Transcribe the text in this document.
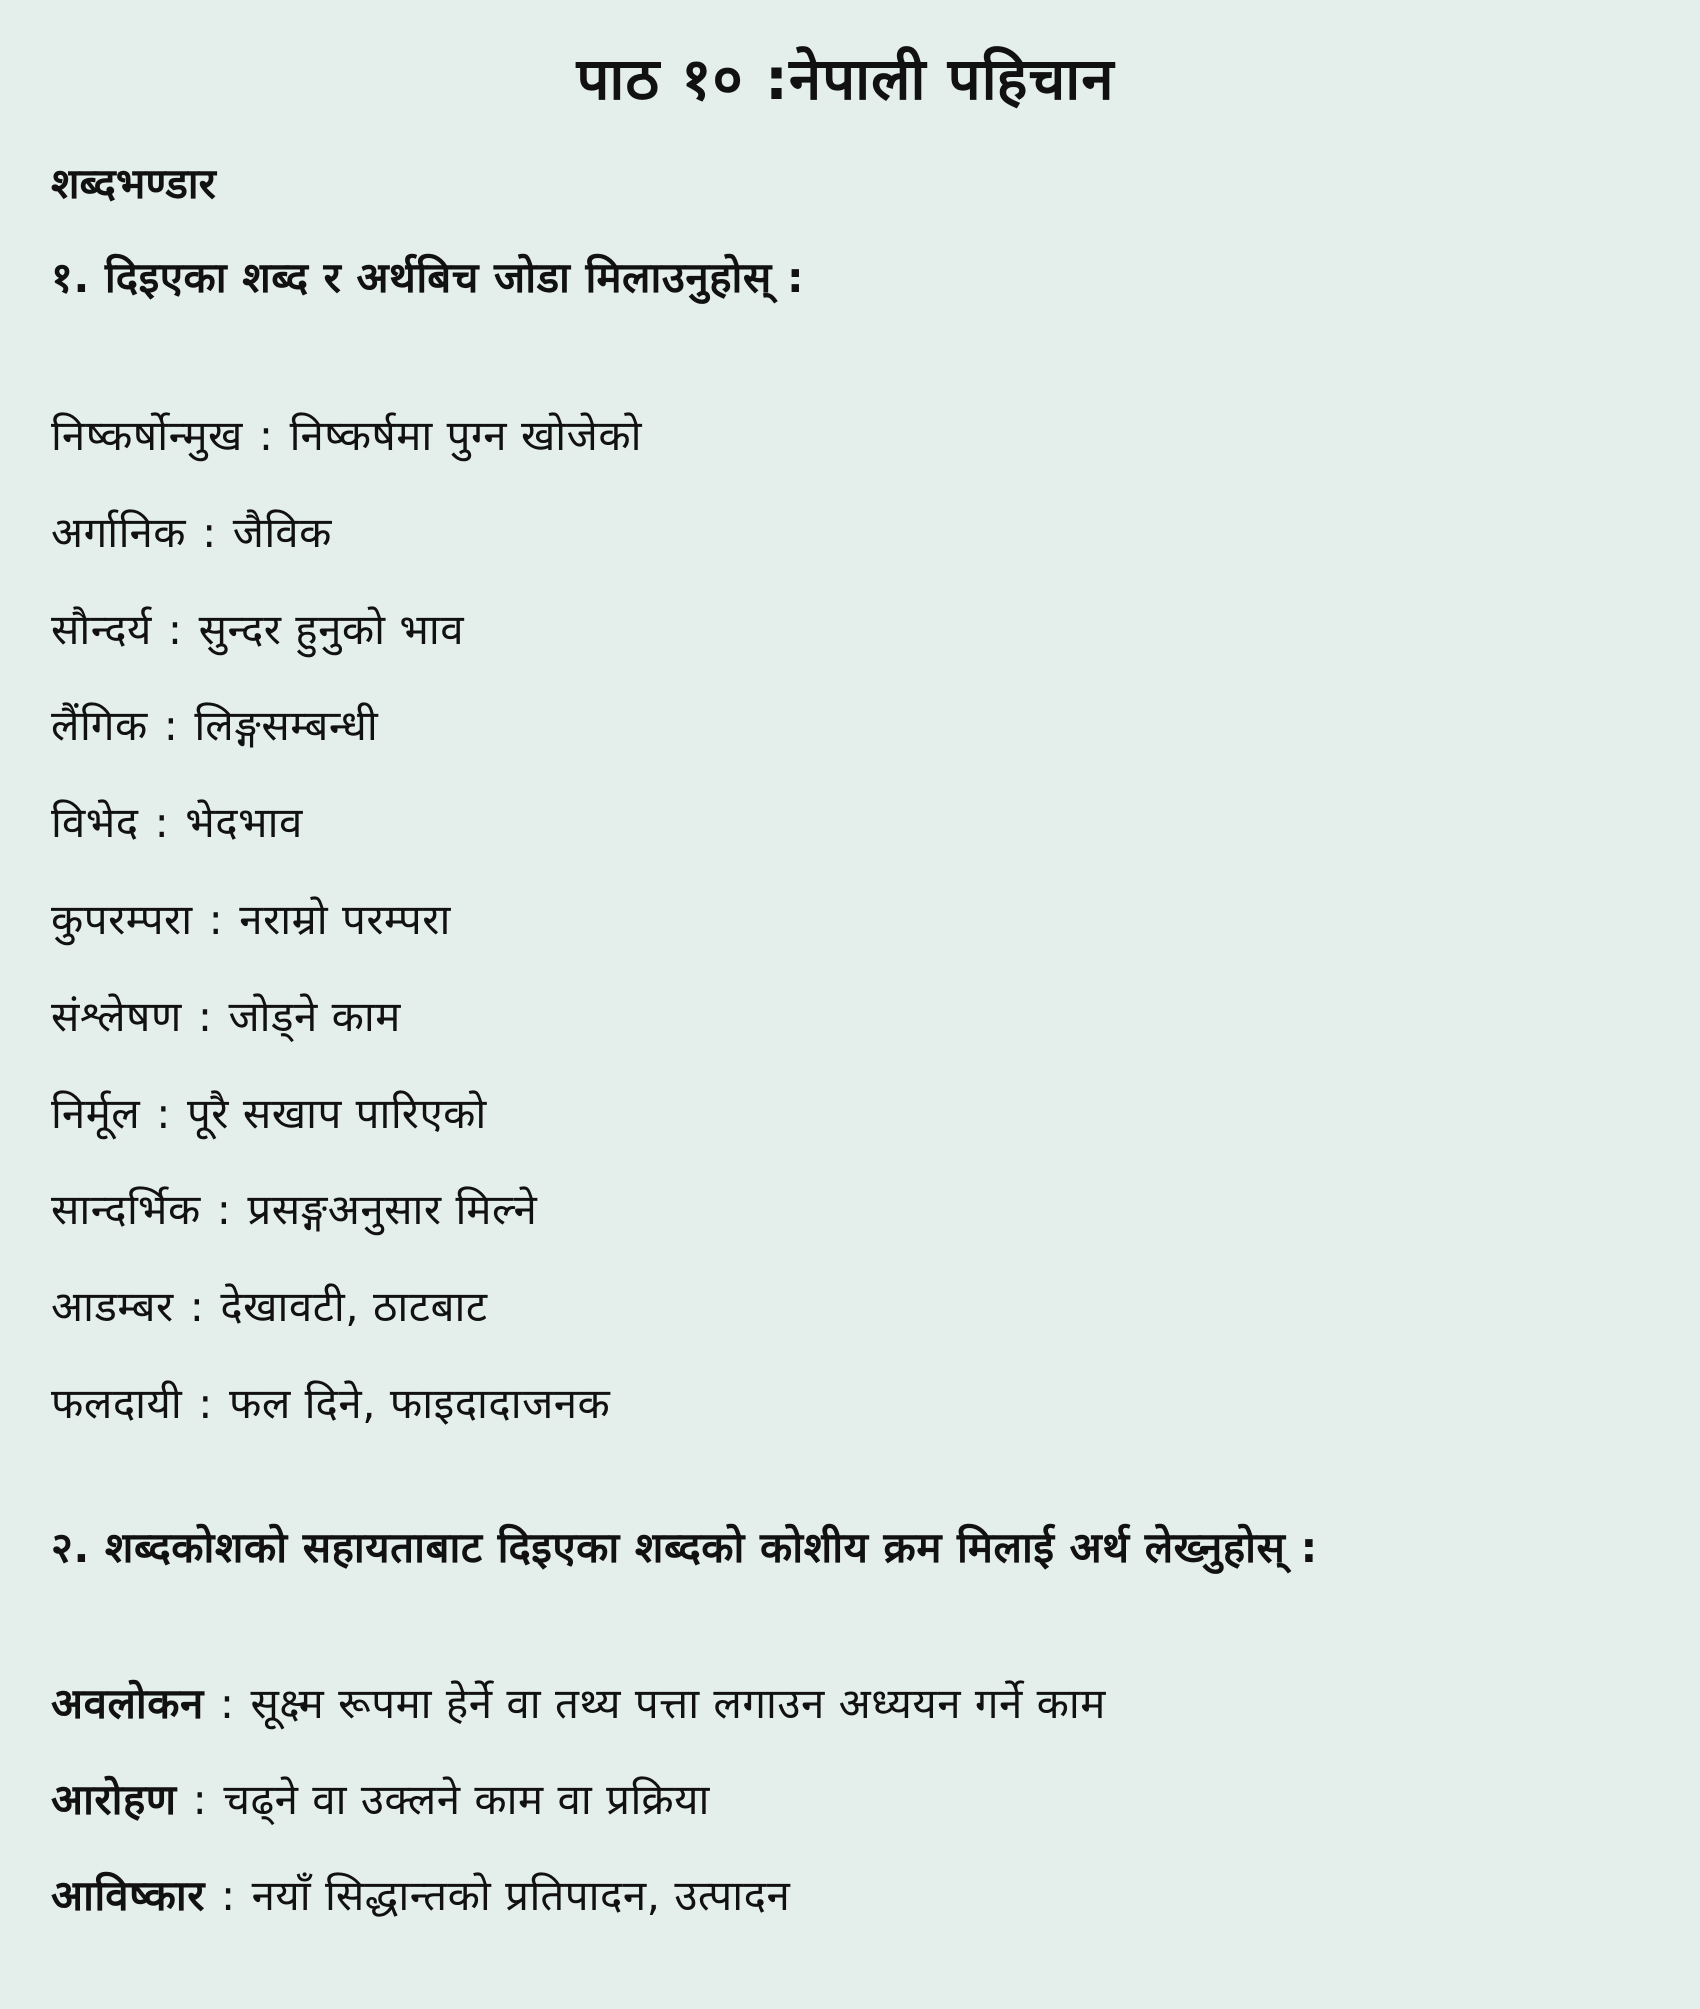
पाठ १० :नेपाली पहिचान
शब्दभण्डार
१. दिइएका शब्द र अर्थबिच जोडा मिलाउनुहोस् :
निष्कर्षोन्मुख : निष्कर्षमा पुग्न खोजेको
अर्गानिक : जैविक
सौन्दर्य : सुन्दर हुनुको भाव
लैंगिक : लिङ्गसम्बन्धी
विभेद : भेदभाव
कुपरम्परा : नराम्रो परम्परा
संश्लेषण : जोड्ने काम
निर्मूल : पूरै सखाप पारिएको
सान्दर्भिक : प्रसङ्गअनुसार मिल्ने
आडम्बर : देखावटी, ठाटबाट
फलदायी : फल दिने, फाइदादाजनक
२. शब्दकोशको सहायताबाट दिइएका शब्दको कोशीय क्रम मिलाई अर्थ लेख्नुहोस् :
अवलोकन : सूक्ष्म रूपमा हेर्ने वा तथ्य पत्ता लगाउन अध्ययन गर्ने काम
आरोहण : चढ्ने वा उक्लने काम वा प्रक्रिया
आविष्कार : नयाँ सिद्धान्तको प्रतिपादन, उत्पादन
